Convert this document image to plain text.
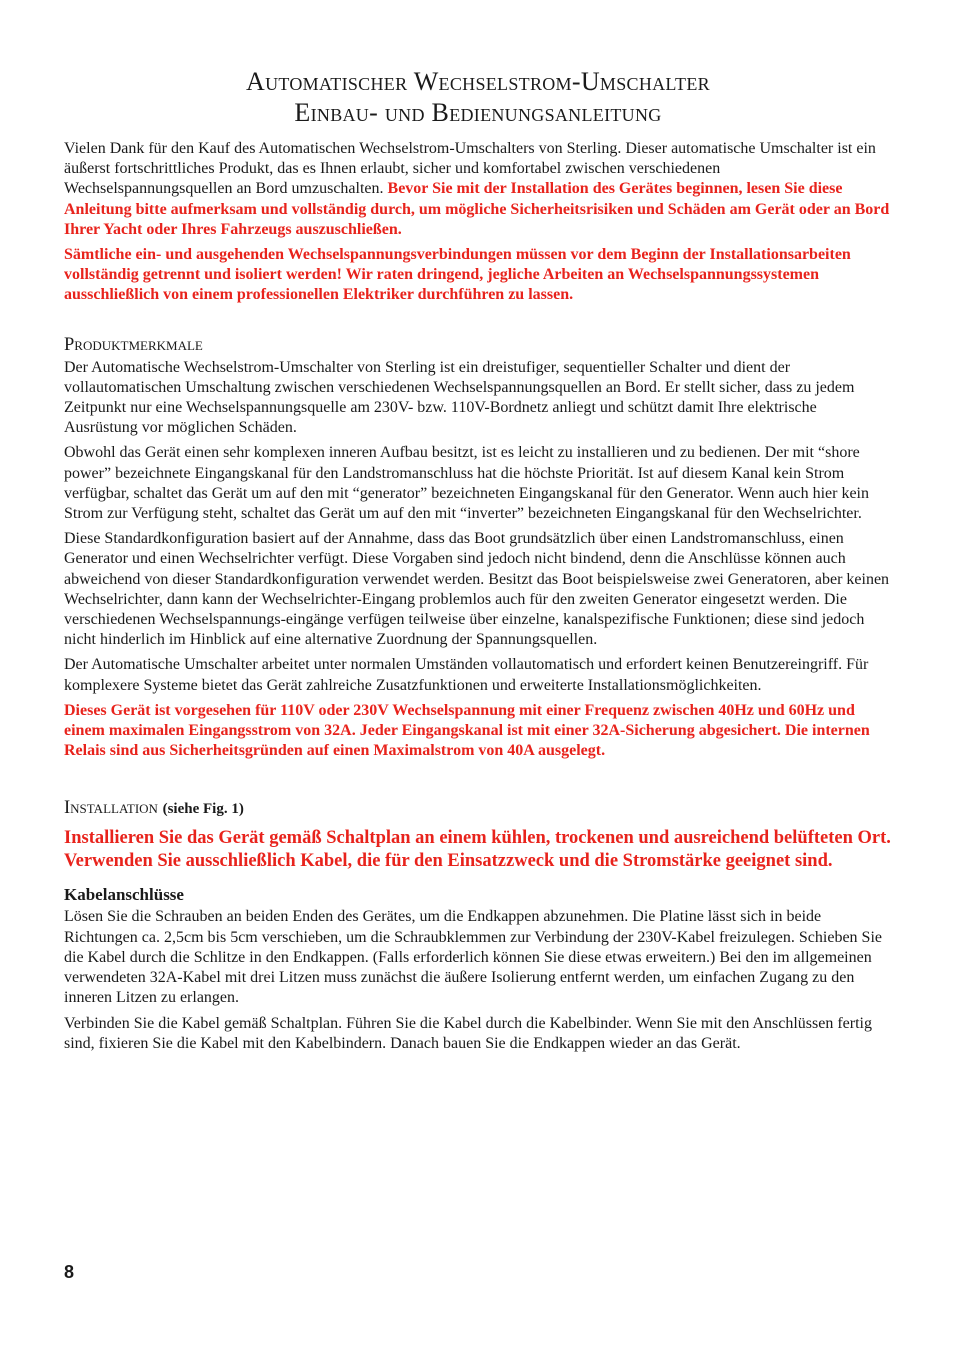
Automatischer Wechselstrom-Umschalter
Einbau- und Bedienungsanleitung

Vielen Dank für den Kauf des Automatischen Wechselstrom-Umschalters von Sterling. Dieser automatische Umschalter ist ein äußerst fortschrittliches Produkt, das es Ihnen erlaubt, sicher und komfortabel zwischen verschiedenen Wechselspannungsquellen an Bord umzuschalten. Bevor Sie mit der Installation des Gerätes beginnen, lesen Sie diese Anleitung bitte aufmerksam und vollständig durch, um mögliche Sicherheitsrisiken und Schäden am Gerät oder an Bord Ihrer Yacht oder Ihres Fahrzeugs auszuschließen.

Sämtliche ein- und ausgehenden Wechselspannungsverbindungen müssen vor dem Beginn der Installationsarbeiten vollständig getrennt und isoliert werden! Wir raten dringend, jegliche Arbeiten an Wechselspannungssystemen ausschließlich von einem professionellen Elektriker durchführen zu lassen.

Produktmerkmale

Der Automatische Wechselstrom-Umschalter von Sterling ist ein dreistufiger, sequentieller Schalter und dient der vollautomatischen Umschaltung zwischen verschiedenen Wechselspannungsquellen an Bord. Er stellt sicher, dass zu jedem Zeitpunkt nur eine Wechselspannungsquelle am 230V- bzw. 110V-Bordnetz anliegt und schützt damit Ihre elektrische Ausrüstung vor möglichen Schäden.

Obwohl das Gerät einen sehr komplexen inneren Aufbau besitzt, ist es leicht zu installieren und zu bedienen. Der mit “shore power” bezeichnete Eingangskanal für den Landstromanschluss hat die höchste Priorität. Ist auf diesem Kanal kein Strom verfügbar, schaltet das Gerät um auf den mit “generator” bezeichneten Eingangskanal für den Generator. Wenn auch hier kein Strom zur Verfügung steht, schaltet das Gerät um auf den mit “inverter” bezeichneten Eingangskanal für den Wechselrichter.

Diese Standardkonfiguration basiert auf der Annahme, dass das Boot grundsätzlich über einen Landstromanschluss, einen Generator und einen Wechselrichter verfügt. Diese Vorgaben sind jedoch nicht bindend, denn die Anschlüsse können auch abweichend von dieser Standardkonfiguration verwendet werden. Besitzt das Boot beispielsweise zwei Generatoren, aber keinen Wechselrichter, dann kann der Wechselrichter-Eingang problemlos auch für den zweiten Generator eingesetzt werden. Die verschiedenen Wechselspannungs-eingänge verfügen teilweise über einzelne, kanalspezifische Funktionen; diese sind jedoch nicht hinderlich im Hinblick auf eine alternative Zuordnung der Spannungsquellen.

Der Automatische Umschalter arbeitet unter normalen Umständen vollautomatisch und erfordert keinen Benutzereingriff. Für komplexere Systeme bietet das Gerät zahlreiche Zusatzfunktionen und erweiterte Installationsmöglichkeiten.

Dieses Gerät ist vorgesehen für 110V oder 230V Wechselspannung mit einer Frequenz zwischen 40Hz und 60Hz und einem maximalen Eingangsstrom von 32A. Jeder Eingangskanal ist mit einer 32A-Sicherung abgesichert. Die internen Relais sind aus Sicherheitsgründen auf einen Maximalstrom von 40A ausgelegt.

Installation (siehe Fig. 1)

Installieren Sie das Gerät gemäß Schaltplan an einem kühlen, trockenen und ausreichend belüfteten Ort. Verwenden Sie ausschließlich Kabel, die für den Einsatzzweck und die Stromstärke geeignet sind.

Kabelanschlüsse

Lösen Sie die Schrauben an beiden Enden des Gerätes, um die Endkappen abzunehmen. Die Platine lässt sich in beide Richtungen ca. 2,5cm bis 5cm verschieben, um die Schraubklemmen zur Verbindung der 230V-Kabel freizulegen. Schieben Sie die Kabel durch die Schlitze in den Endkappen. (Falls erforderlich können Sie diese etwas erweitern.) Bei den im allgemeinen verwendeten 32A-Kabel mit drei Litzen muss zunächst die äußere Isolierung entfernt werden, um einfachen Zugang zu den inneren Litzen zu erlangen.

Verbinden Sie die Kabel gemäß Schaltplan. Führen Sie die Kabel durch die Kabelbinder. Wenn Sie mit den Anschlüssen fertig sind, fixieren Sie die Kabel mit den Kabelbindern. Danach bauen Sie die Endkappen wieder an das Gerät.

8
